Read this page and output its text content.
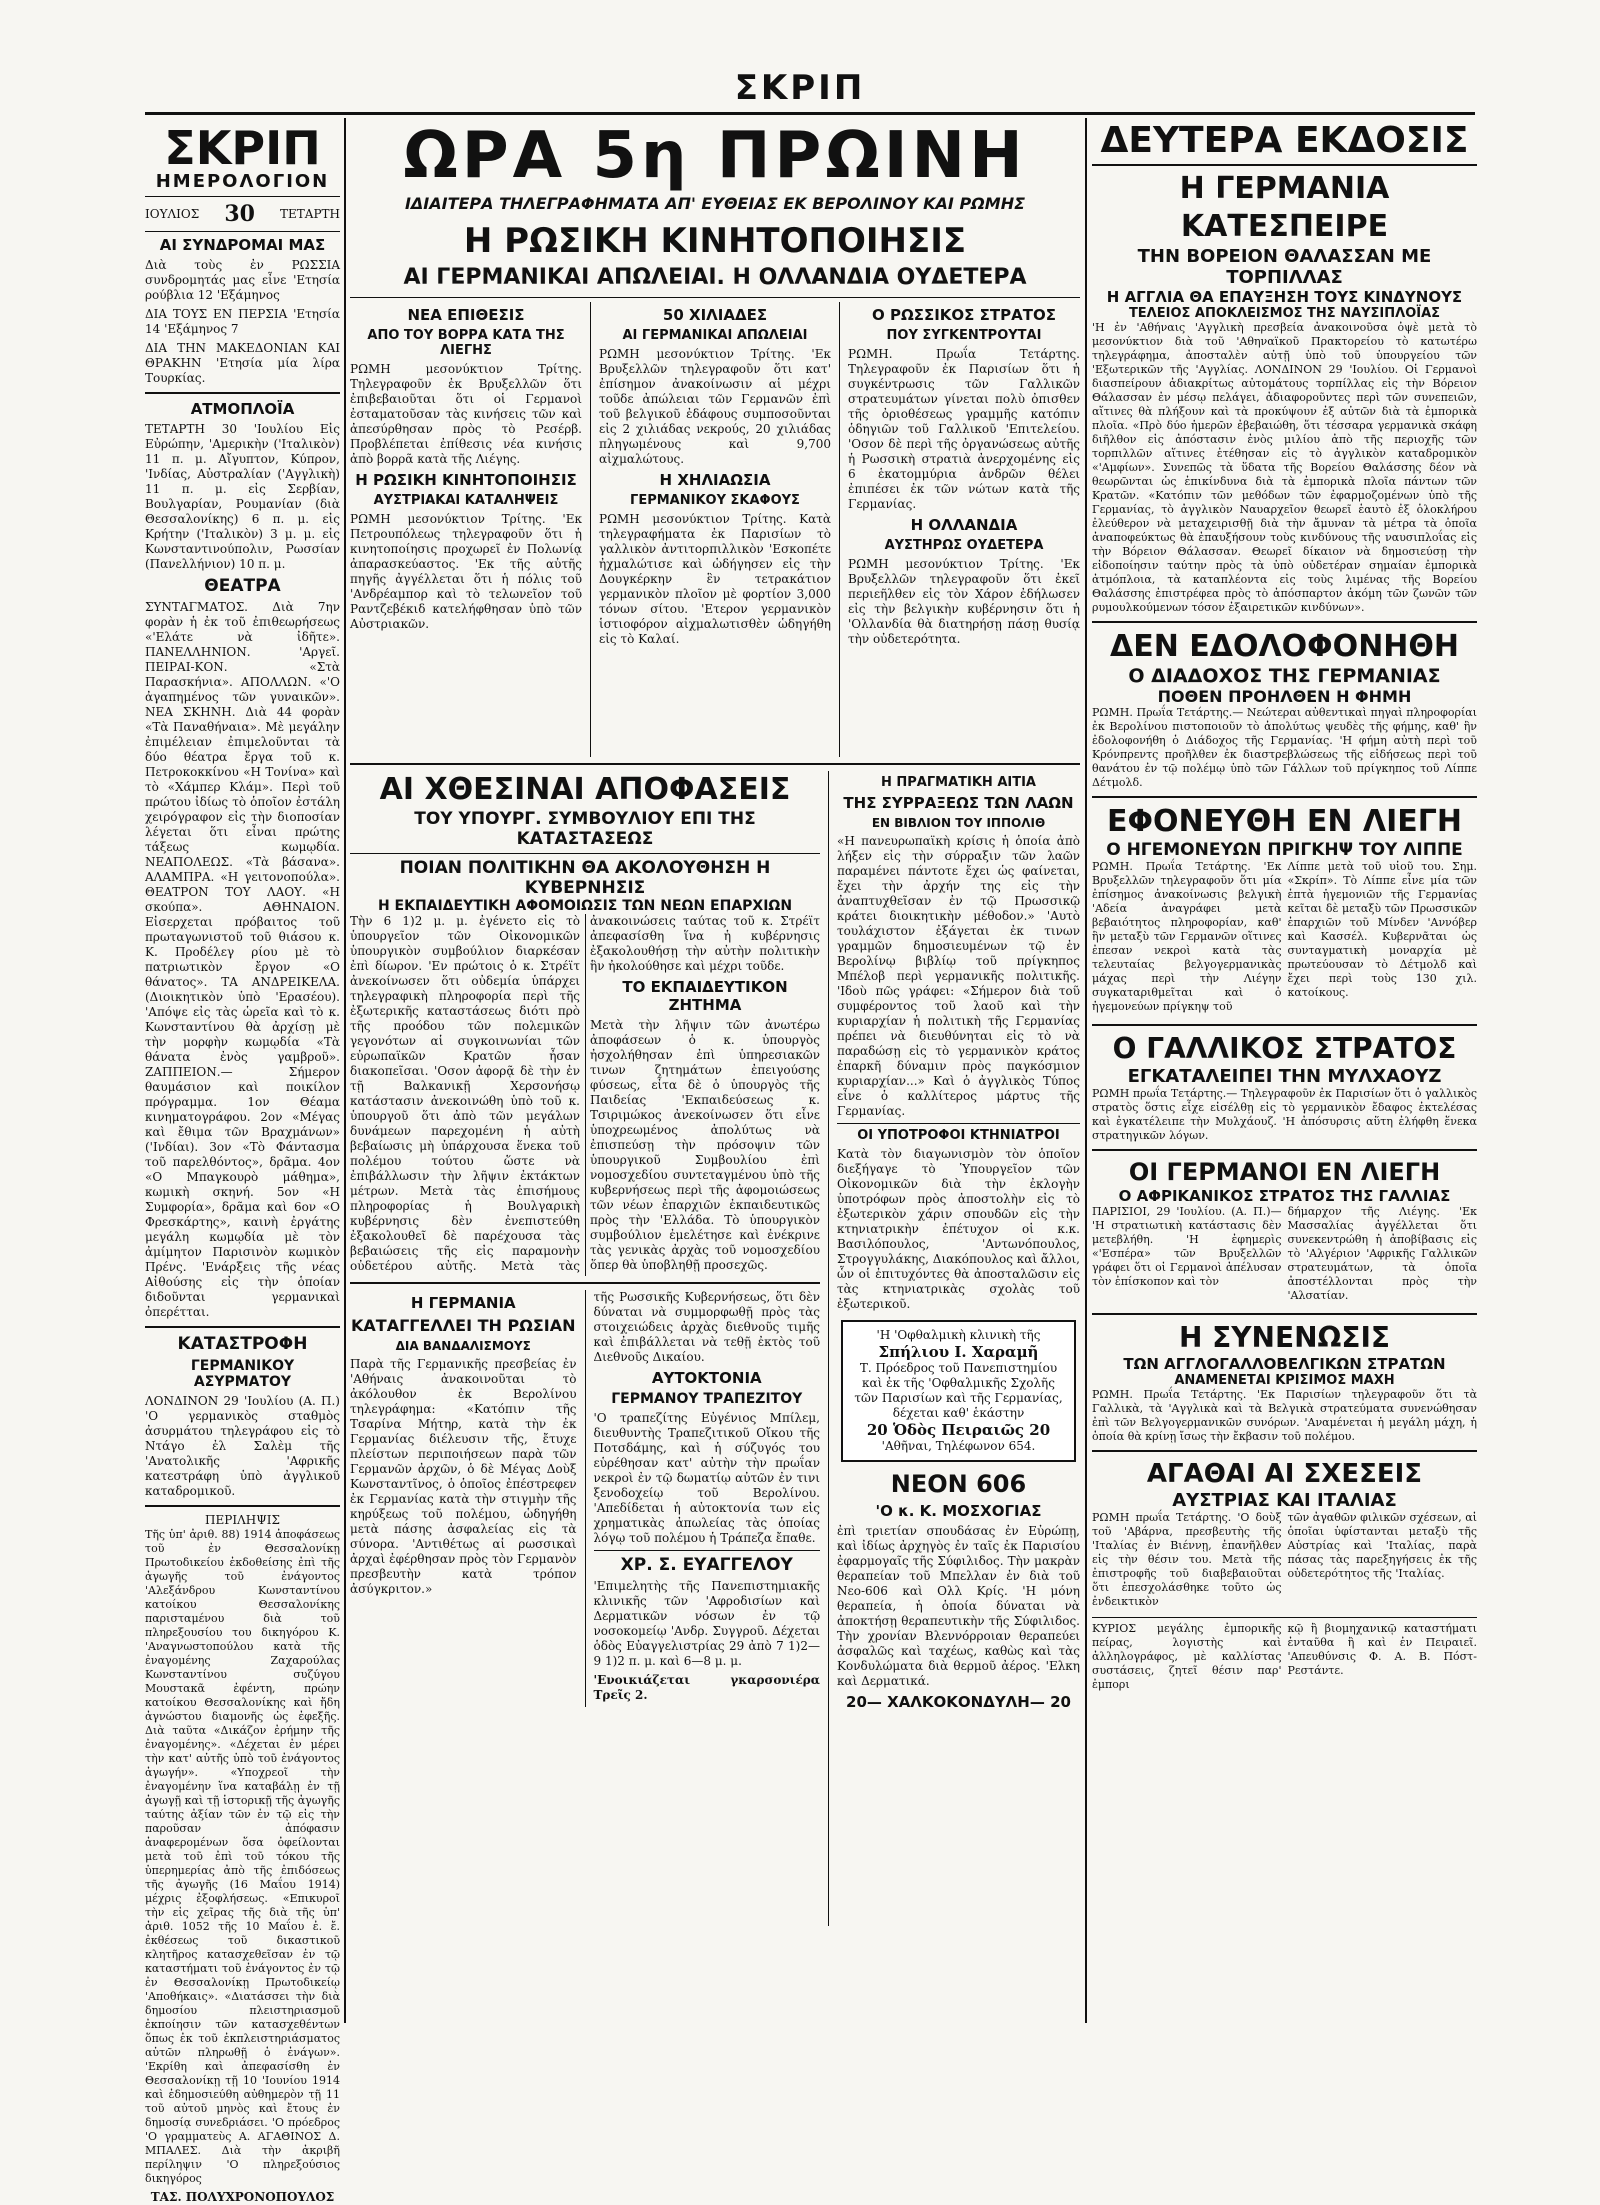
ΣΚΡΙΠ
ΣΚΡΙΠ
ΗΜΕΡΟΛΟΓΙΟΝ
ΙΟΥΛΙΟΣ 30 ΤΕΤΑΡΤΗ
ΑΙ ΣΥΝΔΡΟΜΑΙ ΜΑΣ

Διὰ τοὺς ἐν ΡΩΣΣΙΑ συνδρομητάς μας εἶνε 'Ετησία ρούβλια 12 'Εξάμηνος

ΔΙΑ ΤΟΥΣ ΕΝ ΠΕΡΣΙΑ 'Ετησία 14 'Εξάμηνος 7

ΔΙΑ ΤΗΝ ΜΑΚΕΔΟΝΙΑΝ ΚΑΙ ΘΡΑΚΗΝ 'Ετησία μία λίρα Τουρκίας.

ΑΤΜΟΠΛΟΪΑ

ΤΕΤΑΡΤΗ 30 'Ιουλίου Εἰς Εὐρώπην, 'Αμερικὴν ('Ιταλικὸν) 11 π. μ. Αἴγυπτον, Κύπρον, 'Ινδίας, Αὐστραλίαν ('Αγγλικὴ) 11 π. μ. εἰς Σερβίαν, Βουλγαρίαν, Ρουμανίαν (διὰ Θεσσαλονίκης) 6 π. μ. εἰς Κρήτην ('Ιταλικὸν) 3 μ. μ. εἰς Κωνσταντινούπολιν, Ρωσσίαν (Πανελλήνιον) 10 π. μ.

ΘΕΑΤΡΑ

ΣΥΝΤΑΓΜΑΤΟΣ. Διὰ 7ην φορὰν ἡ ἐκ τοῦ ἐπιθεωρήσεως «'Ελάτε νὰ ἰδῆτε». ΠΑΝΕΛΛΗΝΙΟΝ. 'Αργεῖ. ΠΕΙΡΑΙ-ΚΟΝ. «Στὰ Παρασκήνια». ΑΠΟΛΛΩΝ. «'Ο ἀγαπημένος τῶν γυναικῶν». ΝΕΑ ΣΚΗΝΗ. Διὰ 44 φορὰν «Τὰ Παναθήναια». Μὲ μεγάλην ἐπιμέλειαν ἐπιμελοῦνται τὰ δύο θέατρα ἔργα τοῦ κ. Πετροκοκκίνου «Η Τονίνα» καὶ τὸ «Χάμπερ Κλάμ». Περὶ τοῦ πρώτου ἰδίως τὸ ὁποῖον ἐστάλη χειρόγραφον εἰς τὴν διοποσίαν λέγεται ὅτι εἶναι πρώτης τάξεως κωμῳδία. ΝΕΑΠΟΛΕΩΣ. «Τὰ βάσανα». ΑΛΑΜΠΡΑ. «Η γειτονοπούλα». ΘΕΑΤΡΟΝ ΤΟΥ ΛΑΟΥ. «Η σκούπα». ΑΘΗΝΑΙΟΝ. Εἰσερχεται πρόβαιτος τοῦ πρωταγωνιστοῦ τοῦ θιάσου κ. Κ. Προδέλεγ ρίου μὲ τὸ πατριωτικὸν ἔργον «Ο θάνατος». ΤΑ ΑΝΔΡΕΙΚΕΛΑ. (Διοικητικὸν ὑπὸ 'Ερασέου). 'Απόψε εἰς τὰς ὡρεῖα καὶ τὸ κ. Κωνσταντίνου θὰ ἀρχίσῃ μὲ τὴν μορφὴν κωμῳδία «Τὰ θάνατα ἐνὸς γαμβροῦ». ΖΑΠΠΕΙΟΝ.— Σήμερον θαυμάσιον καὶ ποικίλον πρόγραμμα. 1ον Θέαμα κινηματογράφου. 2ον «Μέγας καὶ ἔθιμα τῶν Βραχμάνων» ('Ινδίαι). 3ον «Τὸ Φάντασμα τοῦ παρελθόντος», δρᾶμα. 4ον «Ο Μπαγκουρὸ μάθημα», κωμικὴ σκηνή. 5ον «Η Συμφορία», δρᾶμα καὶ 6ον «Ο Φρεσκάρτης», καινὴ ἐργάτης μεγάλη κωμῳδία μὲ τὸν ἀμίμητον Παρισινὸν κωμικὸν Πρένς. 'Ενάρξεις τῆς νέας Αἰθούσης εἰς τὴν ὁποίαν διδοῦνται γερμανικαὶ ὀπερέτται.

ΚΑΤΑΣΤΡΟΦΗ
ΓΕΡΜΑΝΙΚΟΥ ΑΣΥΡΜΑΤΟΥ

ΛΟΝΔΙΝΟΝ 29 'Ιουλίου (Α. Π.) 'Ο γερμανικὸς σταθμὸς ἀσυρμάτου τηλεγράφου εἰς τὸ Ντάγο ἐλ Σαλὲμ τῆς 'Ανατολικῆς 'Αφρικῆς κατεστράφη ὑπὸ ἀγγλικοῦ καταδρομικοῦ.

ΠΕΡΙΛΗΨΙΣ

Τῆς ὑπ' ἀριθ. 88) 1914 ἀποφάσεως τοῦ ἐν Θεσσαλονίκῃ Πρωτοδικείου ἐκδοθείσης ἐπὶ τῆς ἀγωγῆς τοῦ ἐνάγοντος 'Αλεξάνδρου Κωνσταντίνου κατοίκου Θεσσαλονίκης παρισταμένου διὰ τοῦ πληρεξουσίου του δικηγόρου Κ. 'Αναγνωστοπούλου κατὰ τῆς ἐναγομένης Ζαχαρούλας Κωνσταντίνου συζύγου Μουστακᾶ ἐφέντη, πρώην κατοίκου Θεσσαλονίκης καὶ ἤδη ἀγνώστου διαμονῆς ὡς ἐφεξῆς. Διὰ ταῦτα «Δικάζον ἐρήμην τῆς ἐναγομένης». «Δέχεται ἐν μέρει τὴν κατ' αὐτῆς ὑπὸ τοῦ ἐνάγοντος ἀγωγήν». «Υποχρεοῖ τὴν ἐναγομένην ἵνα καταβάλῃ ἐν τῇ ἀγωγῇ καὶ τῇ ἱστορικῇ τῆς ἀγωγῆς ταύτης ἀξίαν τῶν ἐν τῷ εἰς τὴν παροῦσαν ἀπόφασιν ἀναφερομένων ὅσα ὀφείλονται μετὰ τοῦ ἐπὶ τοῦ τόκου τῆς ὑπερημερίας ἀπὸ τῆς ἐπιδόσεως τῆς ἀγωγῆς (16 Μαΐου 1914) μέχρις ἐξοφλήσεως. «Επικυροῖ τὴν εἰς χεῖρας τῆς διὰ τῆς ὑπ' ἀριθ. 1052 τῆς 10 Μαΐου ἐ. ἔ. ἐκθέσεως τοῦ δικαστικοῦ κλητῆρος κατασχεθεῖσαν ἐν τῷ καταστήματι τοῦ ἐνάγοντος ἐν τῷ ἐν Θεσσαλονίκῃ Πρωτοδικείῳ 'Αποθήκαις». «Διατάσσει τὴν διὰ δημοσίου πλειστηριασμοῦ ἐκποίησιν τῶν κατασχεθέντων ὅπως ἐκ τοῦ ἐκπλειστηριάσματος αὐτῶν πληρωθῇ ὁ ἐνάγων». 'Εκρίθη καὶ ἀπεφασίσθη ἐν Θεσσαλονίκῃ τῇ 10 'Ιουνίου 1914 καὶ ἐδημοσιεύθη αὐθημερὸν τῇ 11 τοῦ αὐτοῦ μηνὸς καὶ ἔτους ἐν δημοσίᾳ συνεδριάσει. 'Ο πρόεδρος 'Ο γραμματεὺς Α. ΑΓΑΘΙΝΟΣ Δ. ΜΠΑΛΕΣ. Διὰ τὴν ἀκριβῆ περίληψιν 'Ο πληρεξούσιος δικηγόρος

ΤΑΣ. ΠΟΛΥΧΡΟΝΟΠΟΥΛΟΣ
ΩΡΑ 5η ΠΡΩΙΝΗ
ΙΔΙΑΙΤΕΡΑ ΤΗΛΕΓΡΑΦΗΜΑΤΑ ΑΠ' ΕΥΘΕΙΑΣ ΕΚ ΒΕΡΟΛΙΝΟΥ ΚΑΙ ΡΩΜΗΣ
Η ΡΩΣΙΚΗ ΚΙΝΗΤΟΠΟΙΗΣΙΣ
ΑΙ ΓΕΡΜΑΝΙΚΑΙ ΑΠΩΛΕΙΑΙ. Η ΟΛΛΑΝΔΙΑ ΟΥΔΕΤΕΡΑ
ΝΕΑ ΕΠΙΘΕΣΙΣ
ΑΠΟ ΤΟΥ ΒΟΡΡΑ ΚΑΤΑ ΤΗΣ ΛΙΕΓΗΣ

ΡΩΜΗ μεσονύκτιον Τρίτης. Τηλεγραφοῦν ἐκ Βρυξελλῶν ὅτι ἐπιβεβαιοῦται ὅτι οἱ Γερμανοὶ ἐσταματοῦσαν τὰς κινήσεις τῶν καὶ ἀπεσύρθησαν πρὸς τὸ Ρεσέρβ. Προβλέπεται ἐπίθεσις νέα κινήσις ἀπὸ βορρᾶ κατὰ τῆς Λιέγης.

Η ΡΩΣΙΚΗ ΚΙΝΗΤΟΠΟΙΗΣΙΣ
ΑΥΣΤΡΙΑΚΑΙ ΚΑΤΑΛΗΨΕΙΣ

ΡΩΜΗ μεσονύκτιον Τρίτης. 'Εκ Πετρουπόλεως τηλεγραφοῦν ὅτι ἡ κινητοποίησις προχωρεῖ ἐν Πολωνίᾳ ἀπαρασκεύαστος. 'Εκ τῆς αὐτῆς πηγῆς ἀγγέλλεται ὅτι ἡ πόλις τοῦ 'Ανδρέαμπορ καὶ τὸ τελωνεῖον τοῦ Ραντζεβέκιδ κατελήφθησαν ὑπὸ τῶν Αὐστριακῶν.

50 ΧΙΛΙΑΔΕΣ
ΑΙ ΓΕΡΜΑΝΙΚΑΙ ΑΠΩΛΕΙΑΙ

ΡΩΜΗ μεσονύκτιον Τρίτης. 'Εκ Βρυξελλῶν τηλεγραφοῦν ὅτι κατ' ἐπίσημον ἀνακοίνωσιν αἱ μέχρι τοῦδε ἀπώλειαι τῶν Γερμανῶν ἐπὶ τοῦ βελγικοῦ ἐδάφους συμποσοῦνται εἰς 2 χιλιάδας νεκρούς, 20 χιλιάδας πληγωμένους καὶ 9,700 αἰχμαλώτους.

Η ΧΗΛΙΑΩΣΙΑ
ΓΕΡΜΑΝΙΚΟΥ ΣΚΑΦΟΥΣ

ΡΩΜΗ μεσονύκτιον Τρίτης. Κατὰ τηλεγραφήματα ἐκ Παρισίων τὸ γαλλικὸν ἀντιτορπιλλικὸν 'Εσκοπέτε ἠχμαλώτισε καὶ ὡδήγησεν εἰς τὴν Δουγκέρκην ἓν τετρακάτιον γερμανικὸν πλοῖον μὲ φορτίον 3,000 τόνων σίτου. 'Ετερον γερμανικὸν ἱστιοφόρον αἰχμαλωτισθὲν ὡδηγήθη εἰς τὸ Καλαί.

Ο ΡΩΣΣΙΚΟΣ ΣΤΡΑΤΟΣ
ΠΟΥ ΣΥΓΚΕΝΤΡΟΥΤΑΙ

ΡΩΜΗ. Πρωΐα Τετάρτης. Τηλεγραφοῦν ἐκ Παρισίων ὅτι ἡ συγκέντρωσις τῶν Γαλλικῶν στρατευμάτων γίνεται πολὺ ὀπισθεν τῆς ὀριοθέσεως γραμμῆς κατόπιν ὁδηγιῶν τοῦ Γαλλικοῦ 'Επιτελείου. 'Οσον δὲ περὶ τῆς ὀργανώσεως αὐτῆς ἡ Ρωσσικὴ στρατιὰ ἀνερχομένης εἰς 6 ἑκατομμύρια ἀνδρῶν θέλει ἐπιπέσει ἐκ τῶν νώτων κατὰ τῆς Γερμανίας.

Η ΟΛΛΑΝΔΙΑ
ΑΥΣΤΗΡΩΣ ΟΥΔΕΤΕΡΑ

ΡΩΜΗ μεσονύκτιον Τρίτης. 'Εκ Βρυξελλῶν τηλεγραφοῦν ὅτι ἐκεῖ περιεῆλθεν εἰς τὸν Χάρον ἐδήλωσεν εἰς τὴν βελγικὴν κυβέρνησιν ὅτι ἡ 'Ολλανδία θὰ διατηρήσῃ πάσῃ θυσίᾳ τὴν οὐδετερότητα.

ΑΙ ΧΘΕΣΙΝΑΙ ΑΠΟΦΑΣΕΙΣ
ΤΟΥ ΥΠΟΥΡΓ. ΣΥΜΒΟΥΛΙΟΥ ΕΠΙ ΤΗΣ ΚΑΤΑΣΤΑΣΕΩΣ
ΠΟΙΑΝ ΠΟΛΙΤΙΚΗΝ ΘΑ ΑΚΟΛΟΥΘΗΣΗ Η ΚΥΒΕΡΝΗΣΙΣ
Η ΕΚΠΑΙΔΕΥΤΙΚΗ ΑΦΟΜΟΙΩΣΙΣ ΤΩΝ ΝΕΩΝ ΕΠΑΡΧΙΩΝ

Τὴν 6 1)2 μ. μ. ἐγένετο εἰς τὸ ὑπουργεῖον τῶν Οἰκονομικῶν ὑπουργικὸν συμβούλιον διαρκέσαν ἐπὶ δίωρον. 'Εν πρώτοις ὁ κ. Στρέϊτ ἀνεκοίνωσεν ὅτι οὐδεμία ὑπάρχει τηλεγραφικὴ πληροφορία περὶ τῆς ἐξωτερικῆς καταστάσεως διότι πρὸ τῆς προόδου τῶν πολεμικῶν γεγονότων αἱ συγκοινωνίαι τῶν εὐρωπαϊκῶν Κρατῶν ἦσαν διακοπεῖσαι. 'Οσον ἀφορᾷ δὲ τὴν ἐν τῇ Βαλκανικῇ Χερσονήσῳ κατάστασιν ἀνεκοινώθη ὑπὸ τοῦ κ. ὑπουργοῦ ὅτι ἀπὸ τῶν μεγάλων δυνάμεων παρεχομένη ἡ αὐτὴ βεβαίωσις μὴ ὑπάρχουσα ἕνεκα τοῦ πολέμου τούτου ὥστε νὰ ἐπιβάλλωσιν τὴν λῆψιν ἐκτάκτων μέτρων. Μετὰ τὰς ἐπισήμους πληροφορίας ἡ Βουλγαρικὴ κυβέρνησις δὲν ἐνεπιστεύθη ἐξακολουθεῖ δὲ παρέχουσα τὰς βεβαιώσεις τῆς εἰς παραμονὴν οὐδετέρου αὐτῆς. Μετὰ τὰς ἀνακοινώσεις ταύτας τοῦ κ. Στρέϊτ ἀπεφασίσθη ἵνα ἡ κυβέρνησις ἐξακολουθήσῃ τὴν αὐτὴν πολιτικὴν ἣν ἠκολούθησε καὶ μέχρι τοῦδε.

ΤΟ ΕΚΠΑΙΔΕΥΤΙΚΟΝ ΖΗΤΗΜΑ

Μετὰ τὴν λῆψιν τῶν ἀνωτέρω ἀποφάσεων ὁ κ. ὑπουργὸς ἠσχολήθησαν ἐπὶ ὑπηρεσιακῶν τινων ζητημάτων ἐπειγούσης φύσεως, εἶτα δὲ ὁ ὑπουργὸς τῆς Παιδείας 'Εκπαιδεύσεως κ. Τσιριμώκος ἀνεκοίνωσεν ὅτι εἶνε ὑποχρεωμένος ἀπολύτως νὰ ἐπισπεύσῃ τὴν πρόσοψιν τῶν ὑπουργικοῦ Συμβουλίου ἐπὶ νομοσχεδίου συντεταγμένου ὑπὸ τῆς κυβερνήσεως περὶ τῆς ἀφομοιώσεως τῶν νέων ἐπαρχιῶν ἐκπαιδευτικῶς πρὸς τὴν 'Ελλάδα. Τὸ ὑπουργικὸν συμβούλιον ἐμελέτησε καὶ ἐνέκρινε τὰς γενικὰς ἀρχὰς τοῦ νομοσχεδίου ὅπερ θὰ ὑποβληθῇ προσεχῶς.

Η ΓΕΡΜΑΝΙΑ
ΚΑΤΑΓΓΕΛΛΕΙ ΤΗ ΡΩΣΙΑΝ
ΔΙΑ ΒΑΝΔΑΛΙΣΜΟΥΣ

Παρὰ τῆς Γερμανικῆς πρεσβείας ἐν 'Αθήναις ἀνακοινοῦται τὸ ἀκόλουθον ἐκ Βερολίνου τηλεγράφημα: «Κατόπιν τῆς Τσαρίνα Μήτηρ, κατὰ τὴν ἐκ Γερμανίας διέλευσιν τῆς, ἔτυχε πλείστων περιποιήσεων παρὰ τῶν Γερμανῶν ἀρχῶν, ὁ δὲ Μέγας Δοὺξ Κωνσταντῖνος, ὁ ὁποῖος ἐπέστρεφεν ἐκ Γερμανίας κατὰ τὴν στιγμὴν τῆς κηρύξεως τοῦ πολέμου, ὡδηγήθη μετὰ πάσης ἀσφαλείας εἰς τὰ σύνορα. 'Αντιθέτως αἱ ρωσσικαὶ ἀρχαὶ ἐφέρθησαν πρὸς τὸν Γερμανὸν πρεσβευτὴν κατὰ τρόπον ἀσύγκριτον.»

τῆς Ρωσσικῆς Κυβερνήσεως, ὅτι δὲν δύναται νὰ συμμορφωθῇ πρὸς τὰς στοιχειώδεις ἀρχὰς διεθνοῦς τιμῆς καὶ ἐπιβάλλεται νὰ τεθῇ ἐκτὸς τοῦ Διεθνοῦς Δικαίου.

ΑΥΤΟΚΤΟΝΙΑ
ΓΕΡΜΑΝΟΥ ΤΡΑΠΕΖΙΤΟΥ

'Ο τραπεζίτης Εὐγένιος Μπίλεμ, διευθυντὴς Τραπεζιτικοῦ Οἴκου τῆς Ποτσδάμης, καὶ ἡ σύζυγός του εὑρέθησαν κατ' αὐτὴν τὴν πρωΐαν νεκροὶ ἐν τῷ δωματίῳ αὐτῶν ἐν τινι ξενοδοχείῳ τοῦ Βερολίνου. 'Απεδίδεται ἡ αὐτοκτονία των εἰς χρηματικὰς ἀπωλείας τὰς ὁποίας λόγῳ τοῦ πολέμου ἡ Τράπεζα ἔπαθε.

ΧΡ. Σ. ΕΥΑΓΓΕΛΟΥ

'Επιμελητὴς τῆς Πανεπιστημιακῆς κλινικῆς τῶν 'Αφροδισίων καὶ Δερματικῶν νόσων ἐν τῷ νοσοκομείῳ 'Ανδρ. Συγγροῦ. Δέχεται ὁδὸς Εὐαγγελιστρίας 29 ἀπὸ 7 1)2—9 1)2 π. μ. καὶ 6—8 μ. μ.

'Ενοικιάζεται γκαρσονιέρα Τρεῖς 2.

Η ΠΡΑΓΜΑΤΙΚΗ ΑΙΤΙΑ
ΤΗΣ ΣΥΡΡΑΞΕΩΣ ΤΩΝ ΛΑΩΝ
ΕΝ ΒΙΒΛΙΟΝ ΤΟΥ ΙΠΠΟΛΙΘ

«Η πανευρωπαϊκὴ κρίσις ἡ ὁποία ἀπὸ λήξεν εἰς τὴν σύρραξιν τῶν λαῶν παραμένει πάντοτε ἔχει ὡς φαίνεται, ἔχει τὴν ἀρχήν της εἰς τὴν ἀναπτυχθεῖσαν ἐν τῷ Πρωσσικῷ κράτει διοικητικὴν μέθοδον.» 'Αυτὸ τουλάχιστον ἐξάγεται ἐκ τινων γραμμῶν δημοσιευμένων τῷ ἐν Βερολίνῳ βιβλίῳ τοῦ πρίγκηπος Μπέλοβ περὶ γερμανικῆς πολιτικῆς. 'Ιδοὺ πῶς γράφει: «Σήμερον διὰ τοῦ συμφέροντος τοῦ λαοῦ καὶ τὴν κυριαρχίαν ἡ πολιτικὴ τῆς Γερμανίας πρέπει νὰ διευθύνηται εἰς τὸ νὰ παραδώσῃ εἰς τὸ γερμανικὸν κράτος ἐπαρκῆ δύναμιν πρὸς παγκόσμιον κυριαρχίαν...» Καὶ ὁ ἀγγλικὸς Τύπος εἶνε ὁ καλλίτερος μάρτυς τῆς Γερμανίας.

ΟΙ ΥΠΟΤΡΟΦΟΙ ΚΤΗΝΙΑΤΡΟΙ

Κατὰ τὸν διαγωνισμὸν τὸν ὁποῖον διεξήγαγε τὸ Ὑπουργεῖον τῶν Οἰκονομικῶν διὰ τὴν ἐκλογὴν ὑποτρόφων πρὸς ἀποστολὴν εἰς τὸ ἐξωτερικὸν χάριν σπουδῶν εἰς τὴν κτηνιατρικὴν ἐπέτυχον οἱ κ.κ. Βασιλόπουλος, 'Αντωνόπουλος, Στρογγυλάκης, Διακόπουλος καὶ ἄλλοι, ὧν οἱ ἐπιτυχόντες θὰ ἀποσταλῶσιν εἰς τὰς κτηνιατρικὰς σχολὰς τοῦ ἐξωτερικοῦ.

'Η 'Οφθαλμικὴ κλινικὴ τῆς
Σπήλιου Ι. Χαραμῆ
Τ. Πρόεδρος τοῦ Πανεπιστημίου καὶ ἐκ τῆς 'Οφθαλμικῆς Σχολῆς τῶν Παρισίων καὶ τῆς Γερμανίας, δέχεται καθ' ἑκάστην
20 Ὁδὸς Πειραιῶς 20
'Αθῆναι, Τηλέφωνον 654.
ΝΕΟΝ 606
'Ο κ. Κ. ΜΟΣΧΟΓΙΑΣ

ἐπὶ τριετίαν σπουδάσας ἐν Εὐρώπῃ, καὶ ἰδίως ἀρχηγὸς ἐν ταῖς ἐκ Παρισίου ἐφαρμογαῖς τῆς Σύφιλιδος. Τὴν μακρὰν θεραπείαν τοῦ Μπελλαν ἐν διὰ τοῦ Νεο-606 καὶ Ολλ Κρίς. 'Η μόνη θεραπεία, ἡ ὁποία δύναται νὰ ἀποκτήσῃ θεραπευτικὴν τῆς Σύφιλιδος. Τὴν χρονίαν Βλεννόρροιαν θεραπεύει ἀσφαλῶς καὶ ταχέως, καθὼς καὶ τὰς Κονδυλώματα διὰ θερμοῦ ἀέρος. 'Ελκη καὶ Δερματικά.

20— ΧΑΛΚΟΚΟΝΔΥΛΗ— 20
ΔΕΥΤΕΡΑ ΕΚΔΟΣΙΣ
Η ΓΕΡΜΑΝΙΑ ΚΑΤΕΣΠΕΙΡΕ
ΤΗΝ ΒΟΡΕΙΟΝ ΘΑΛΑΣΣΑΝ ΜΕ ΤΟΡΠΙΛΛΑΣ
Η ΑΓΓΛΙΑ ΘΑ ΕΠΑΥΞΗΣΗ ΤΟΥΣ ΚΙΝΔΥΝΟΥΣ
ΤΕΛΕΙΟΣ ΑΠΟΚΛΕΙΣΜΟΣ ΤΗΣ ΝΑΥΣΙΠΛΟΪΑΣ

'Η ἐν 'Αθήναις 'Αγγλικὴ πρεσβεία ἀνακοινοῦσα ὀψὲ μετὰ τὸ μεσονύκτιον διὰ τοῦ 'Αθηναϊκοῦ Πρακτορείου τὸ κατωτέρω τηλεγράφημα, ἀποσταλὲν αὐτῇ ὑπὸ τοῦ ὑπουργείου τῶν 'Εξωτερικῶν τῆς 'Αγγλίας. ΛΟΝΔΙΝΟΝ 29 'Ιουλίου. Οἱ Γερμανοὶ διασπείρουν ἀδιακρίτως αὐτομάτους τορπίλλας εἰς τὴν Βόρειον Θάλασσαν ἐν μέσῳ πελάγει, ἀδιαφοροῦντες περὶ τῶν συνεπειῶν, αἵτινες θὰ πλήξουν καὶ τὰ προκύψουν ἐξ αὐτῶν διὰ τὰ ἐμπορικὰ πλοῖα. «Πρὸ δύο ἡμερῶν ἐβεβαιώθη, ὅτι τέσσαρα γερμανικὰ σκάφη διῆλθον εἰς ἀπόστασιν ἐνὸς μιλίου ἀπὸ τῆς περιοχῆς τῶν τορπιλλῶν αἵτινες ἐτέθησαν εἰς τὸ ἀγγλικὸν καταδρομικὸν «'Αμφίων». Συνεπῶς τὰ ὕδατα τῆς Βορείου Θαλάσσης δέον νὰ θεωρῶνται ὡς ἐπικίνδυνα διὰ τὰ ἐμπορικὰ πλοῖα πάντων τῶν Κρατῶν. «Κατόπιν τῶν μεθόδων τῶν ἐφαρμοζομένων ὑπὸ τῆς Γερμανίας, τὸ ἀγγλικὸν Ναυαρχεῖον θεωρεῖ ἑαυτὸ ἐξ ὁλοκλήρου ἐλεύθερον νὰ μεταχειρισθῇ διὰ τὴν ἄμυναν τὰ μέτρα τὰ ὁποῖα ἀναποφεύκτως θὰ ἐπαυξήσουν τοὺς κινδύνους τῆς ναυσιπλοΐας εἰς τὴν Βόρειον Θάλασσαν. Θεωρεῖ δίκαιον νὰ δημοσιεύσῃ τὴν εἰδοποίησιν ταύτην πρὸς τὰ ὑπὸ οὐδετέραν σημαίαν ἐμπορικὰ ἀτμόπλοια, τὰ καταπλέοντα εἰς τοὺς λιμένας τῆς Βορείου Θαλάσσης ἐπιστρέφεα πρὸς τὸ ἀπόσπαρτον ἀκόμη τῶν ζωνῶν τῶν ρυμουλκούμενων τόσον ἐξαιρετικῶν κινδύνων».

ΔΕΝ ΕΔΟΛΟΦΟΝΗΘΗ
Ο ΔΙΑΔΟΧΟΣ ΤΗΣ ΓΕΡΜΑΝΙΑΣ
ΠΟΘΕΝ ΠΡΟΗΛΘΕΝ Η ΦΗΜΗ

ΡΩΜΗ. Πρωΐα Τετάρτης.— Νεώτεραι αὐθεντικαὶ πηγαὶ πληροφορίαι ἐκ Βερολίνου πιστοποιοῦν τὸ ἀπολύτως ψευδὲς τῆς φήμης, καθ' ἣν ἐδολοφονήθη ὁ Διάδοχος τῆς Γερμανίας. 'Η φήμη αὐτὴ περὶ τοῦ Κρόνπρεντς προῆλθεν ἐκ διαστρεβλώσεως τῆς εἰδήσεως περὶ τοῦ θανάτου ἐν τῷ πολέμῳ ὑπὸ τῶν Γάλλων τοῦ πρίγκηπος τοῦ Λίππε Δέτμολδ.

ΕΦΟΝΕΥΘΗ ΕΝ ΛΙΕΓΗ
Ο ΗΓΕΜΟΝΕΥΩΝ ΠΡΙΓΚΗΨ ΤΟΥ ΛΙΠΠΕ

ΡΩΜΗ. Πρωΐα Τετάρτης. 'Εκ Βρυξελλῶν τηλεγραφοῦν ὅτι μία ἐπίσημος ἀνακοίνωσις βελγικὴ 'Αδεία ἀναγράφει μετὰ βεβαιότητος πληροφορίαν, καθ' ἣν μεταξὺ τῶν Γερμανῶν οἵτινες ἐπεσαν νεκροὶ κατὰ τὰς τελευταίας βελγογερμανικὰς μάχας περὶ τὴν Λιέγην συγκαταριθμεῖται καὶ ὁ ἡγεμονεύων πρίγκηψ τοῦ

Λίππε μετὰ τοῦ υἱοῦ του. Σημ. «Σκρίπ». Τὸ Λίππε εἶνε μία τῶν ἐπτὰ ἡγεμονιῶν τῆς Γερμανίας κεῖται δὲ μεταξὺ τῶν Πρωσσικῶν ἐπαρχιῶν τοῦ Μίνδεν 'Αννόβερ καὶ Κασσέλ. Κυβερνᾶται ὡς συνταγματικὴ μοναρχία μὲ πρωτεύουσαν τὸ Δέτμολδ καὶ ἔχει περὶ τοὺς 130 χιλ. κατοίκους.

Ο ΓΑΛΛΙΚΟΣ ΣΤΡΑΤΟΣ
ΕΓΚΑΤΑΛΕΙΠΕΙ ΤΗΝ ΜΥΛΧΑΟΥΖ

ΡΩΜΗ πρωΐα Τετάρτης.— Τηλεγραφοῦν ἐκ Παρισίων ὅτι ὁ γαλλικὸς στρατὸς ὅστις εἶχε εἰσέλθῃ εἰς τὸ γερμανικὸν ἔδαφος ἐκτελέσας καὶ ἐγκατέλειπε τὴν Μυλχάουζ. 'Η ἀπόσυρσις αὕτη ἐλήφθη ἕνεκα στρατηγικῶν λόγων.

ΟΙ ΓΕΡΜΑΝΟΙ ΕΝ ΛΙΕΓΗ
Ο ΑΦΡΙΚΑΝΙΚΟΣ ΣΤΡΑΤΟΣ ΤΗΣ ΓΑΛΛΙΑΣ

ΠΑΡΙΣΙΟΙ, 29 'Ιουλίου. (Α. Π.)— 'Η στρατιωτικὴ κατάστασις δὲν μετεβλήθη. 'Η ἐφημερὶς «'Εσπέρα» τῶν Βρυξελλῶν γράφει ὅτι οἱ Γερμανοὶ ἀπέλυσαν τὸν ἐπίσκοπον καὶ τὸν

δήμαρχον τῆς Λιέγης. 'Εκ Μασσαλίας ἀγγέλλεται ὅτι συνεκεντρώθη ἡ ἀποβίβασις εἰς τὸ 'Αλγέριον 'Αφρικῆς Γαλλικῶν στρατευμάτων, τὰ ὁποῖα ἀποστέλλονται πρὸς τὴν 'Αλσατίαν.

Η ΣΥΝΕΝΩΣΙΣ
ΤΩΝ ΑΓΓΛΟΓΑΛΛΟΒΕΛΓΙΚΩΝ ΣΤΡΑΤΩΝ
ΑΝΑΜΕΝΕΤΑΙ ΚΡΙΣΙΜΟΣ ΜΑΧΗ

ΡΩΜΗ. Πρωΐα Τετάρτης. 'Εκ Παρισίων τηλεγραφοῦν ὅτι τὰ Γαλλικὰ, τὰ 'Αγγλικὰ καὶ τὰ Βελγικὰ στρατεύματα συνενώθησαν ἐπὶ τῶν Βελγογερμανικῶν συνόρων. 'Αναμένεται ἡ μεγάλη μάχη, ἡ ὁποία θὰ κρίνῃ ἴσως τὴν ἔκβασιν τοῦ πολέμου.

ΑΓΑΘΑΙ ΑΙ ΣΧΕΣΕΙΣ
ΑΥΣΤΡΙΑΣ ΚΑΙ ΙΤΑΛΙΑΣ

ΡΩΜΗ πρωΐα Τετάρτης. 'Ο δοὺξ τοῦ 'Αβάρνα, πρεσβευτὴς τῆς 'Ιταλίας ἐν Βιέννῃ, ἐπανῆλθεν εἰς τὴν θέσιν του. Μετὰ τῆς ἐπιστροφῆς τοῦ διαβεβαιοῦται ὅτι ἐπεσχολάσθηκε τοῦτο ὡς ἐνδεικτικὸν

τῶν ἀγαθῶν φιλικῶν σχέσεων, αἱ ὁποῖαι ὑφίστανται μεταξὺ τῆς Αὐστρίας καὶ 'Ιταλίας, παρὰ πάσας τὰς παρεξηγήσεις ἐκ τῆς οὐδετερότητος τῆς 'Ιταλίας.

ΚΥΡΙΟΣ μεγάλης ἐμπορικῆς πείρας, λογιστὴς καὶ ἀλληλογράφος, μὲ καλλίστας συστάσεις, ζητεῖ θέσιν παρ' ἐμπορι

κῷ ἢ βιομηχανικῷ καταστήματι ἐνταῦθα ἢ καὶ ἐν Πειραιεῖ. 'Απευθύνσις Φ. Α. Β. Πόστ-Ρεστάντε.
